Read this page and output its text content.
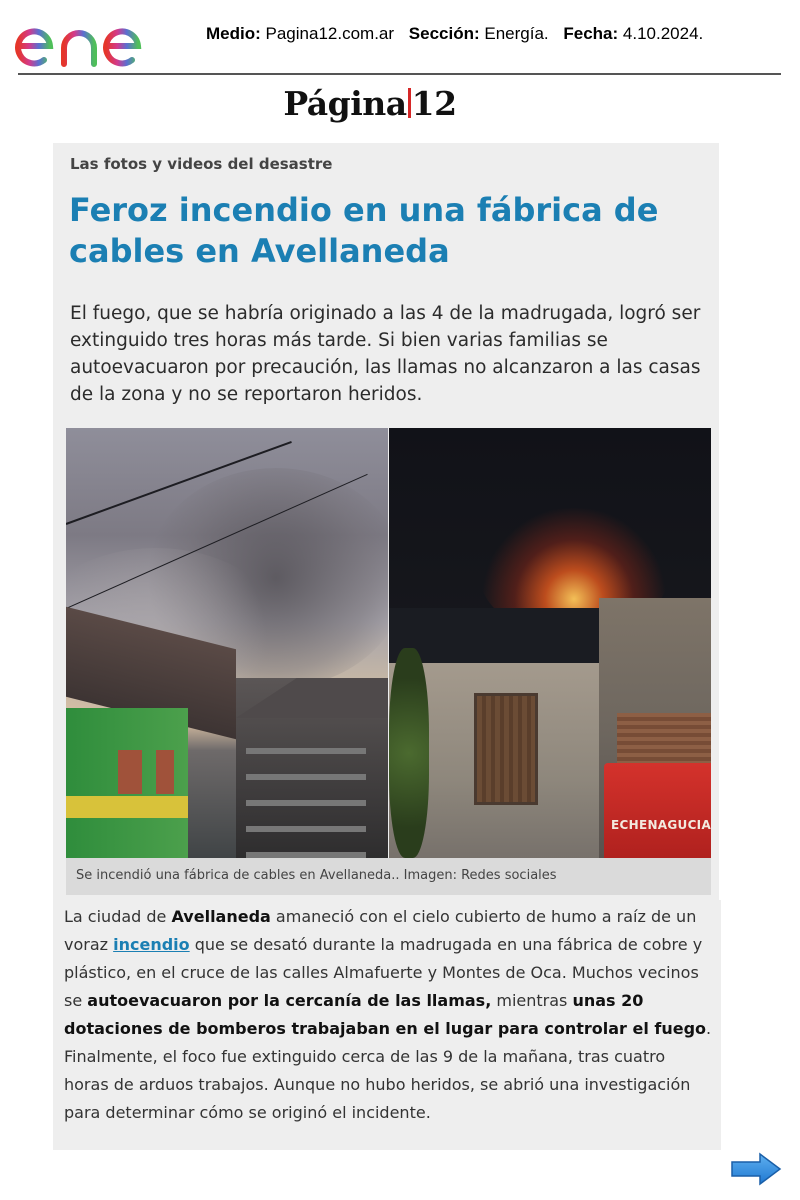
Medio: Pagina12.com.ar Sección: Energía. Fecha: 4.10.2024.
Página 12
Las fotos y videos del desastre
Feroz incendio en una fábrica de cables en Avellaneda
El fuego, que se habría originado a las 4 de la madrugada, logró ser extinguido tres horas más tarde. Si bien varias familias se autoevacuaron por precaución, las llamas no alcanzaron a las casas de la zona y no se reportaron heridos.
ECHENAGUCIA
Se incendió una fábrica de cables en Avellaneda.. Imagen: Redes sociales

La ciudad de Avellaneda amaneció con el cielo cubierto de humo a raíz de un voraz incendio que se desató durante la madrugada en una fábrica de cobre y plástico, en el cruce de las calles Almafuerte y Montes de Oca. Muchos vecinos se autoevacuaron por la cercanía de las llamas, mientras unas 20 dotaciones de bomberos trabajaban en el lugar para controlar el fuego. Finalmente, el foco fue extinguido cerca de las 9 de la mañana, tras cuatro horas de arduos trabajos. Aunque no hubo heridos, se abrió una investigación para determinar cómo se originó el incidente.
